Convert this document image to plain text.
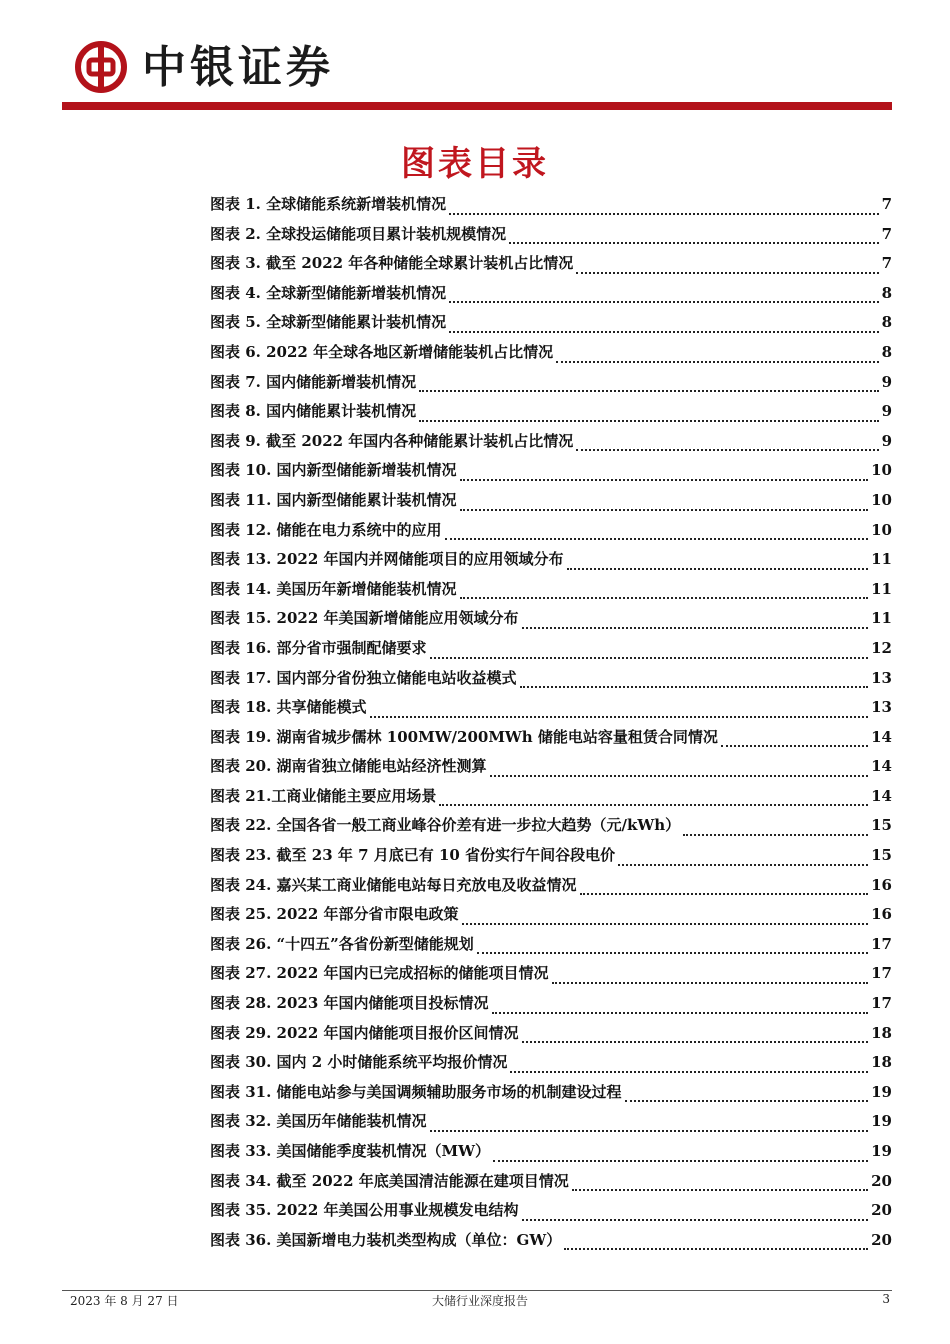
中银证券
图表目录
图表 1. 全球储能系统新增装机情况	7
图表 2. 全球投运储能项目累计装机规模情况	7
图表 3. 截至 2022 年各种储能全球累计装机占比情况	7
图表 4. 全球新型储能新增装机情况	8
图表 5. 全球新型储能累计装机情况	8
图表 6. 2022 年全球各地区新增储能装机占比情况	8
图表 7. 国内储能新增装机情况	9
图表 8. 国内储能累计装机情况	9
图表 9. 截至 2022 年国内各种储能累计装机占比情况	9
图表 10. 国内新型储能新增装机情况	10
图表 11. 国内新型储能累计装机情况	10
图表 12. 储能在电力系统中的应用	10
图表 13. 2022 年国内并网储能项目的应用领域分布	11
图表 14. 美国历年新增储能装机情况	11
图表 15. 2022 年美国新增储能应用领域分布	11
图表 16. 部分省市强制配储要求	12
图表 17. 国内部分省份独立储能电站收益模式	13
图表 18. 共享储能模式	13
图表 19. 湖南省城步儒林 100MW/200MWh 储能电站容量租赁合同情况	14
图表 20. 湖南省独立储能电站经济性测算	14
图表 21. 工商业储能主要应用场景	14
图表 22. 全国各省一般工商业峰谷价差有进一步拉大趋势（元/kWh）	15
图表 23. 截至 23 年 7 月底已有 10 省份实行午间谷段电价	15
图表 24. 嘉兴某工商业储能电站每日充放电及收益情况	16
图表 25. 2022 年部分省市限电政策	16
图表 26. “十四五”各省份新型储能规划	17
图表 27. 2022 年国内已完成招标的储能项目情况	17
图表 28. 2023 年国内储能项目投标情况	17
图表 29. 2022 年国内储能项目报价区间情况	18
图表 30. 国内 2 小时储能系统平均报价情况	18
图表 31. 储能电站参与美国调频辅助服务市场的机制建设过程	19
图表 32. 美国历年储能装机情况	19
图表 33. 美国储能季度装机情况（MW）	19
图表 34. 截至 2022 年底美国清洁能源在建项目情况	20
图表 35. 2022 年美国公用事业规模发电结构	20
图表 36. 美国新增电力装机类型构成（单位：GW）	20
2023 年 8 月 27 日	大储行业深度报告	3
